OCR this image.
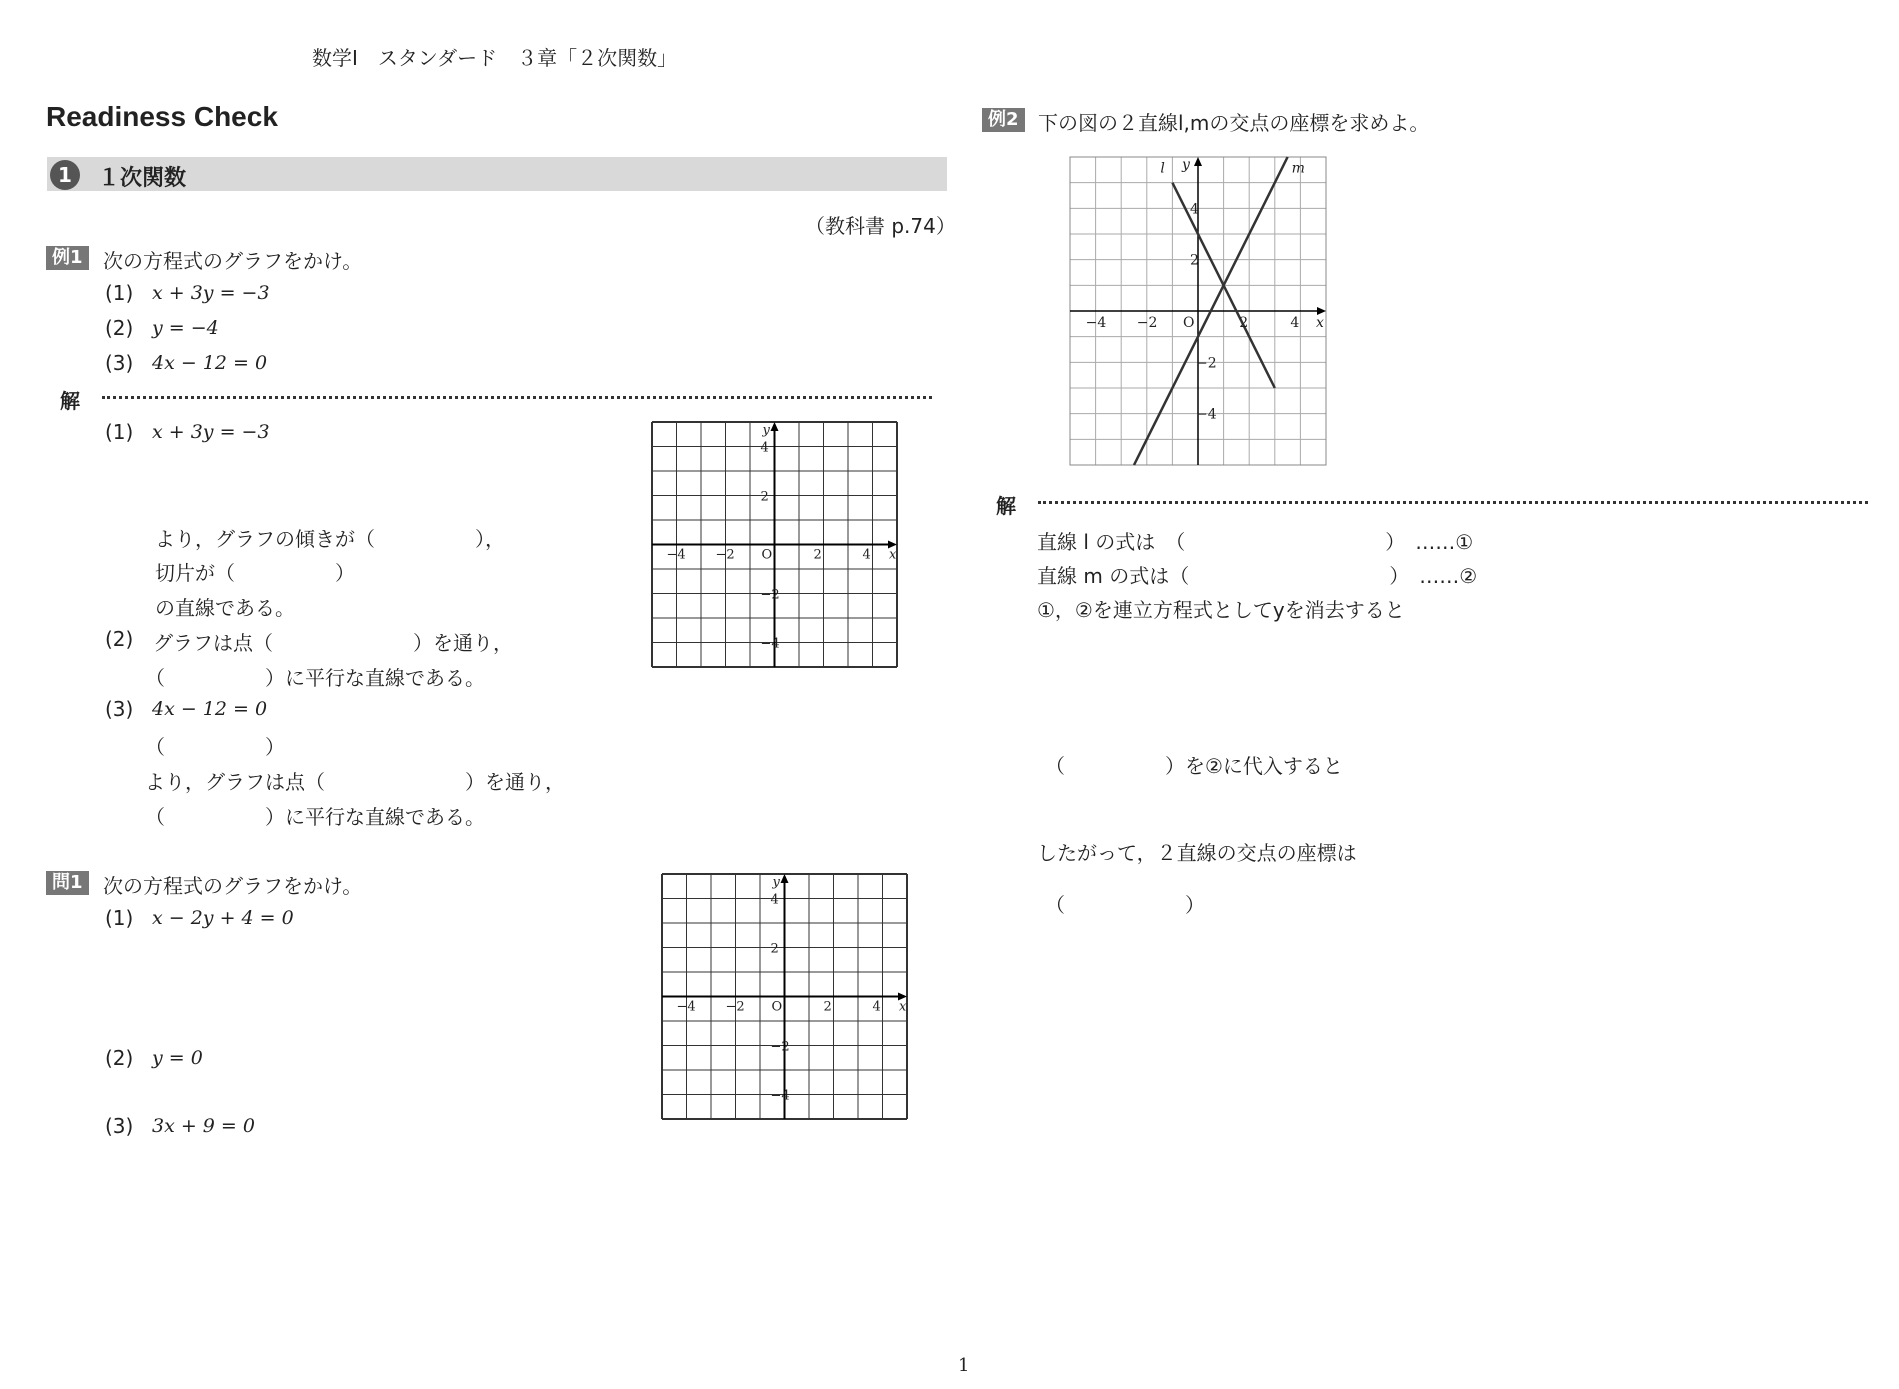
数学Ⅰ　スタンダード　３章「２次関数」
Readiness Check
1	１次関数
（教科書 p.74）
例1	次の方程式のグラフをかけ。
(1) x + 3y = −3
(2) y = −4
(3) 4x − 12 = 0
解
(1) x + 3y = −3
より，グラフの傾きが（　　　　　），
切片が（　　　　　）
の直線である。
(2) グラフは点（　　　　　　　）を通り，
（　　　　　）に平行な直線である。
(3) 4x − 12 = 0
（　　　　　）
より，グラフは点（　　　　　　　）を通り，
（　　　　　）に平行な直線である。
x
y
O
−4 −2	2	4
4
2
−2
−4
問1	次の方程式のグラフをかけ。
(1) x − 2y + 4 = 0
(2) y = 0
(3) 3x + 9 = 0
x
y
O
−4 −2	2	4
4
2
−2
−4
例2 下の図の２直線l,mの交点の座標を求めよ。
l	m
y
x
O
−4 −2	2	4
4
2
−2
−4
解
直線 l の式は　（　　　　　　　　　　）　……①
直線 m の式は（　　　　　　　　　　）　……②
①，②を連立方程式としてyを消去すると
（　　　　　）を②に代入すると
したがって，２直線の交点の座標は
（　　　　　　）
1
